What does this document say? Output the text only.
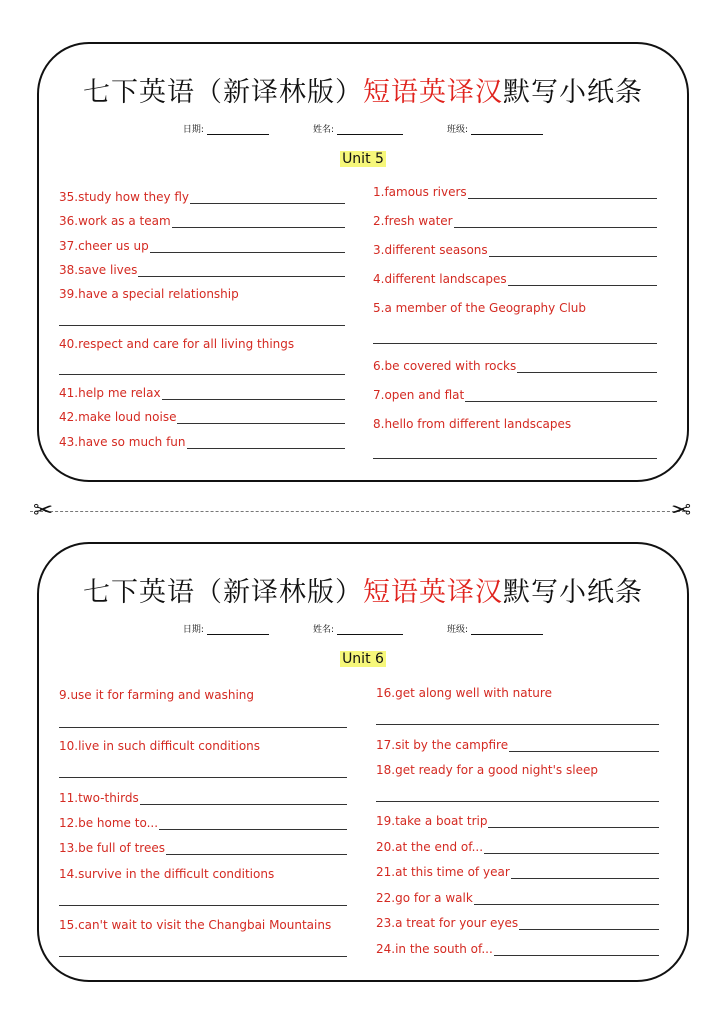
七下英语（新译林版）短语英译汉默写小纸条
日期:	姓名:	班级:
Unit 5
35.study how they fly
36.work as a team
37.cheer us up
38.save lives
39.have a special relationship
40.respect and care for all living things
41.help me relax
42.make loud noise
43.have so much fun
1.famous rivers
2.fresh water
3.different seasons
4.different landscapes
5.a member of the Geography Club
6.be covered with rocks
7.open and flat
8.hello from different landscapes
✂	✂
七下英语（新译林版）短语英译汉默写小纸条
日期:	姓名:	班级:
Unit 6
9.use it for farming and washing
10.live in such difficult conditions
11.two-thirds
12.be home to...
13.be full of trees
14.survive in the difficult conditions
15.can't wait to visit the Changbai Mountains
16.get along well with nature
17.sit by the campfire
18.get ready for a good night's sleep
19.take a boat trip
20.at the end of...
21.at this time of year
22.go for a walk
23.a treat for your eyes
24.in the south of...
